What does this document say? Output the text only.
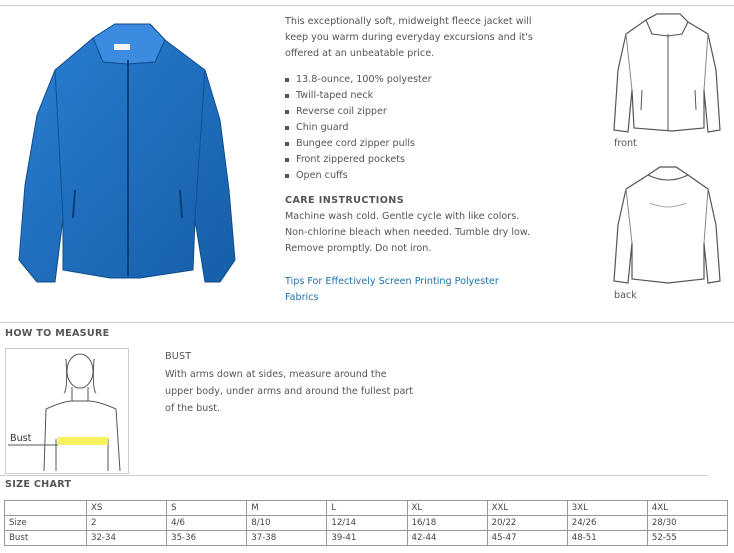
This exceptionally soft, midweight fleece jacket will keep you warm during everyday excursions and it's offered at an unbeatable price.
13.8-ounce, 100% polyester
Twill-taped neck
Reverse coil zipper
Chin guard
Bungee cord zipper pulls
Front zippered pockets
Open cuffs
CARE INSTRUCTIONS
Machine wash cold. Gentle cycle with like colors. Non-chlorine bleach when needed. Tumble dry low. Remove promptly. Do not iron.
Tips For Effectively Screen Printing Polyester Fabrics
front
back
HOW TO MEASURE
Bust
BUST
With arms down at sides, measure around the upper body, under arms and around the fullest part of the bust.
SIZE CHART
	XS	S	M	L	XL	XXL	3XL	4XL
Size	2	4/6	8/10	12/14	16/18	20/22	24/26	28/30
Bust	32-34	35-36	37-38	39-41	42-44	45-47	48-51	52-55
